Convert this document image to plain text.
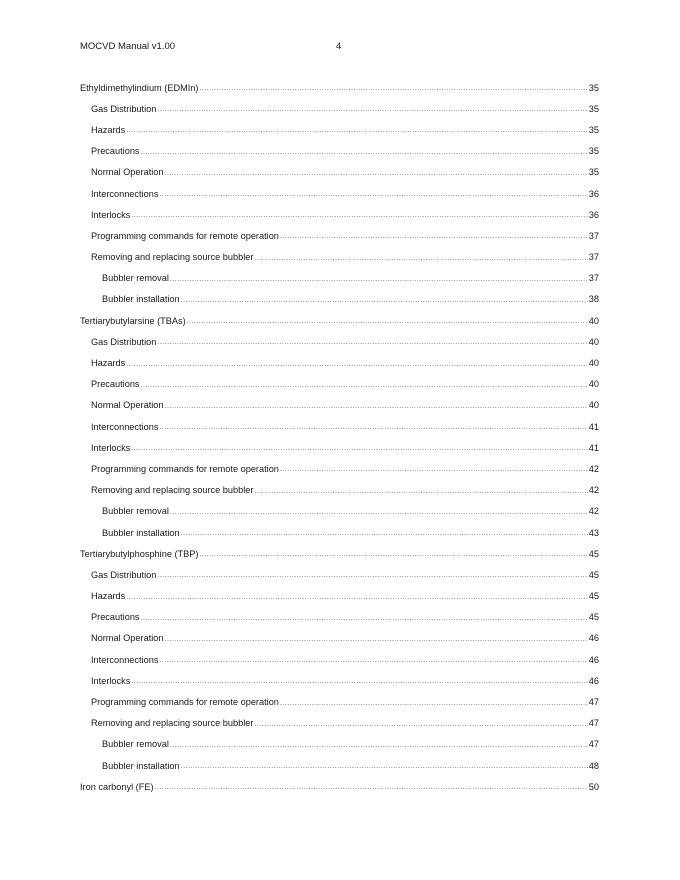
MOCVD Manual v1.00	4
Ethyldimethylindium (EDMIn) .....	35
Gas Distribution .....	35
Hazards .....	35
Precautions .....	35
Normal Operation .....	35
Interconnections .....	36
Interlocks .....	36
Programming commands for remote operation .....	37
Removing and replacing source bubbler .....	37
Bubbler removal .....	37
Bubbler installation .....	38
Tertiarybutylarsine (TBAs) .....	40
Gas Distribution .....	40
Hazards .....	40
Precautions .....	40
Normal Operation .....	40
Interconnections .....	41
Interlocks .....	41
Programming commands for remote operation .....	42
Removing and replacing source bubbler .....	42
Bubbler removal .....	42
Bubbler installation .....	43
Tertiarybutylphosphine (TBP) .....	45
Gas Distribution .....	45
Hazards .....	45
Precautions .....	45
Normal Operation .....	46
Interconnections .....	46
Interlocks .....	46
Programming commands for remote operation .....	47
Removing and replacing source bubbler .....	47
Bubbler removal .....	47
Bubbler installation .....	48
Iron carbonyl (FE) .....	50
